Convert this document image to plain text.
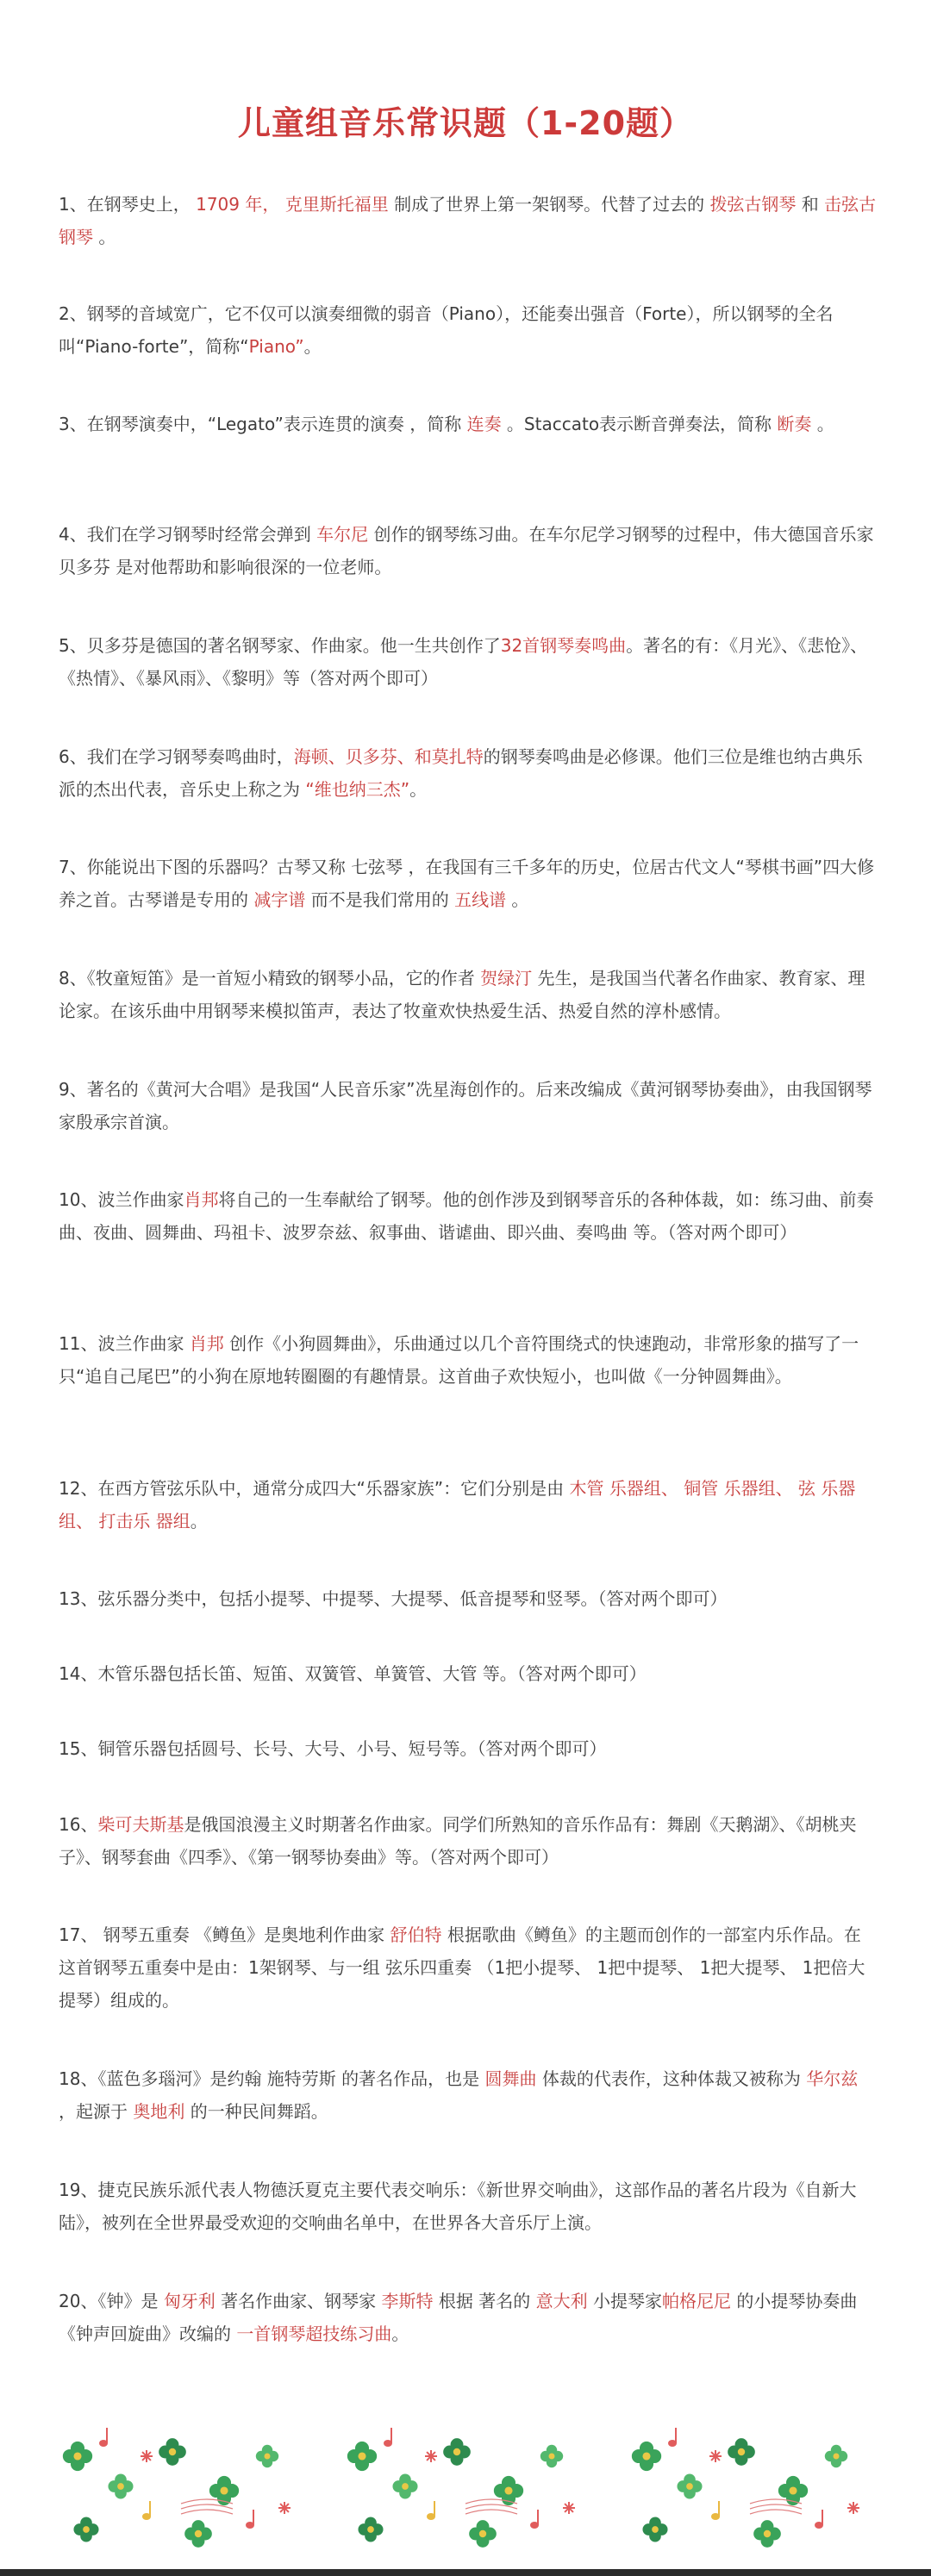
儿童组音乐常识题（1-20题）
1、在钢琴史上， 1709 年， 克里斯托福里 制成了世界上第一架钢琴。代替了过去的 拨弦古钢琴 和 击弦古钢琴 。
2、钢琴的音域宽广，它不仅可以演奏细微的弱音（Piano），还能奏出强音（Forte），所以钢琴的全名叫“Piano-forte”，简称“Piano”。
3、在钢琴演奏中，“Legato”表示连贯的演奏 ，简称 连奏 。Staccato表示断音弹奏法，简称 断奏 。
4、我们在学习钢琴时经常会弹到 车尔尼 创作的钢琴练习曲。在车尔尼学习钢琴的过程中，伟大德国音乐家 贝多芬 是对他帮助和影响很深的一位老师。
5、贝多芬是德国的著名钢琴家、作曲家。他一生共创作了32首钢琴奏鸣曲。著名的有：《月光》、《悲怆》、《热情》、《暴风雨》、《黎明》等（答对两个即可）
6、我们在学习钢琴奏鸣曲时，海顿、贝多芬、和莫扎特的钢琴奏鸣曲是必修课。他们三位是维也纳古典乐派的杰出代表，音乐史上称之为 “维也纳三杰”。
7、你能说出下图的乐器吗？古琴又称 七弦琴 ，在我国有三千多年的历史，位居古代文人“琴棋书画”四大修养之首。古琴谱是专用的 减字谱 而不是我们常用的 五线谱 。
8、《牧童短笛》是一首短小精致的钢琴小品，它的作者 贺绿汀 先生，是我国当代著名作曲家、教育家、理论家。在该乐曲中用钢琴来模拟笛声，表达了牧童欢快热爱生活、热爱自然的淳朴感情。
9、著名的《黄河大合唱》是我国“人民音乐家”冼星海创作的。后来改编成《黄河钢琴协奏曲》，由我国钢琴家殷承宗首演。
10、波兰作曲家肖邦将自己的一生奉献给了钢琴。他的创作涉及到钢琴音乐的各种体裁，如：练习曲、前奏曲、夜曲、圆舞曲、玛祖卡、波罗奈兹、叙事曲、谐谑曲、即兴曲、奏鸣曲 等。（答对两个即可）
11、波兰作曲家 肖邦 创作《小狗圆舞曲》，乐曲通过以几个音符围绕式的快速跑动，非常形象的描写了一只“追自己尾巴”的小狗在原地转圈圈的有趣情景。这首曲子欢快短小，也叫做《一分钟圆舞曲》。
12、在西方管弦乐队中，通常分成四大“乐器家族”：它们分别是由 木管 乐器组、 铜管 乐器组、 弦 乐器组、 打击乐 器组。
13、弦乐器分类中，包括小提琴、中提琴、大提琴、低音提琴和竖琴。（答对两个即可）
14、木管乐器包括长笛、短笛、双簧管、单簧管、大管 等。（答对两个即可）
15、铜管乐器包括圆号、长号、大号、小号、短号等。（答对两个即可）
16、柴可夫斯基是俄国浪漫主义时期著名作曲家。同学们所熟知的音乐作品有：舞剧《天鹅湖》、《胡桃夹子》、钢琴套曲《四季》、《第一钢琴协奏曲》等。（答对两个即可）
17、 钢琴五重奏 《鳟鱼》是奥地利作曲家 舒伯特 根据歌曲《鳟鱼》的主题而创作的一部室内乐作品。在这首钢琴五重奏中是由：1架钢琴、与一组 弦乐四重奏 （1把小提琴、 1把中提琴、 1把大提琴、 1把倍大提琴）组成的。
18、《蓝色多瑙河》是约翰 施特劳斯 的著名作品，也是 圆舞曲 体裁的代表作，这种体裁又被称为 华尔兹 ，起源于 奥地利 的一种民间舞蹈。
19、捷克民族乐派代表人物德沃夏克主要代表交响乐：《新世界交响曲》，这部作品的著名片段为《自新大陆》，被列在全世界最受欢迎的交响曲名单中，在世界各大音乐厅上演。
20、《钟》是 匈牙利 著名作曲家、钢琴家 李斯特 根据 著名的 意大利 小提琴家帕格尼尼 的小提琴协奏曲《钟声回旋曲》改编的 一首钢琴超技练习曲。
